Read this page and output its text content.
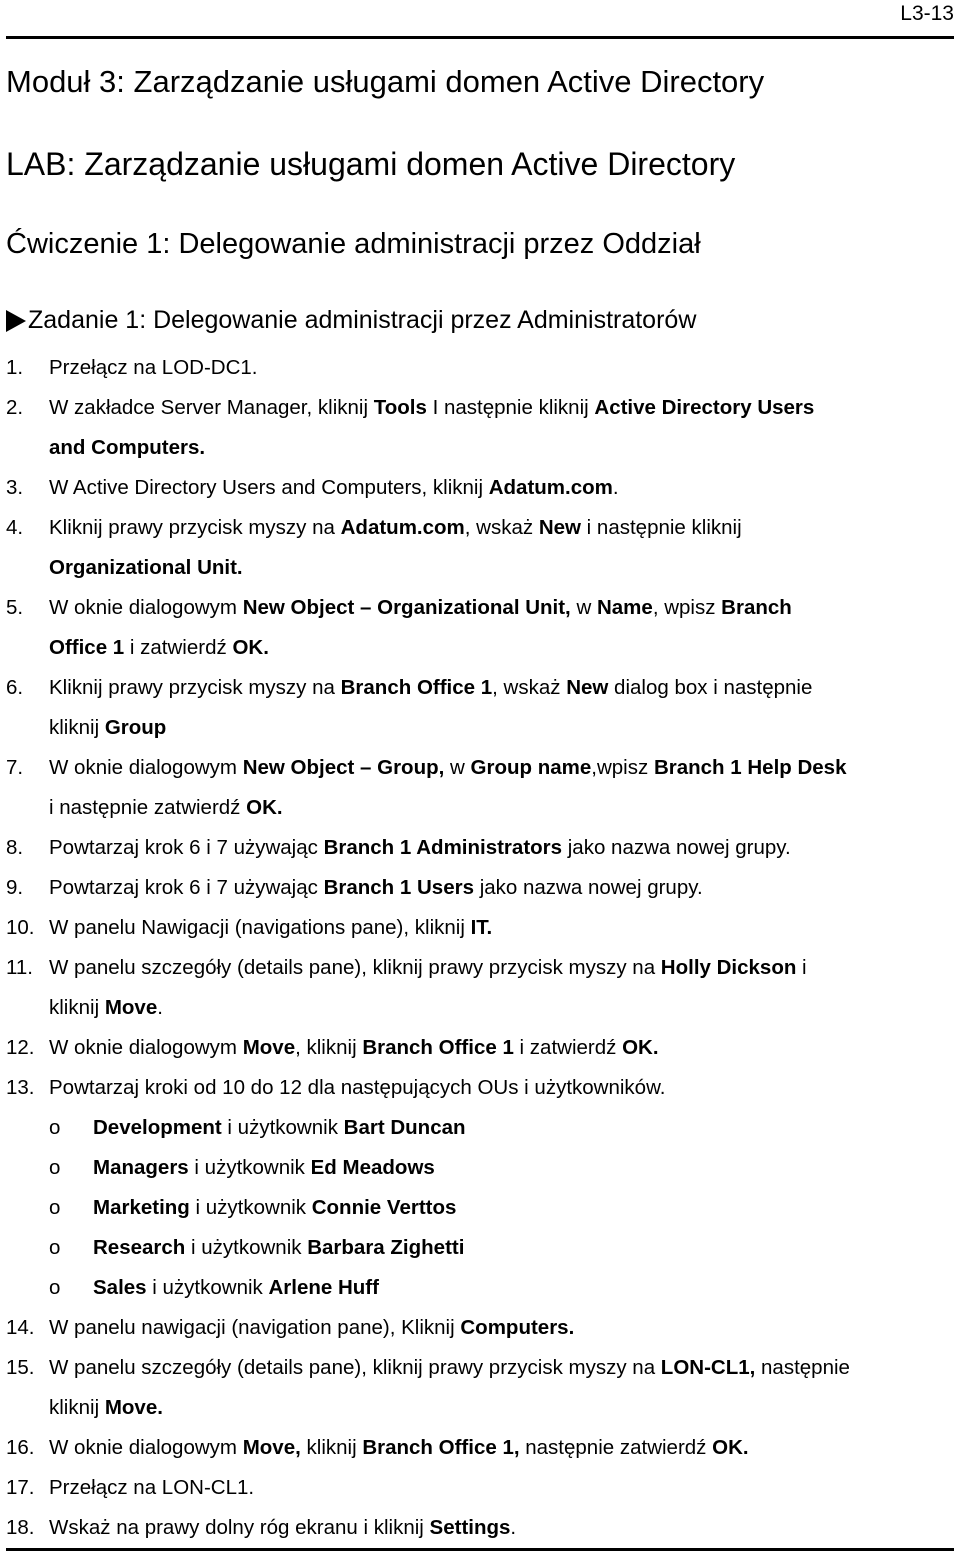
L3-13
Moduł 3: Zarządzanie usługami domen Active Directory
LAB: Zarządzanie usługami domen Active Directory
Ćwiczenie 1: Delegowanie administracji przez Oddział
Zadanie 1: Delegowanie administracji przez Administratorów
1.	Przełącz na LOD-DC1.
2.	W zakładce Server Manager, kliknij Tools I następnie kliknij Active Directory Users
and Computers.
3.	W Active Directory Users and Computers, kliknij Adatum.com.
4.	Kliknij prawy przycisk myszy na Adatum.com, wskaż New i następnie kliknij
Organizational Unit.
5.	W oknie dialogowym New Object – Organizational Unit, w Name, wpisz Branch
Office 1 i zatwierdź OK.
6.	Kliknij prawy przycisk myszy na Branch Office 1, wskaż New dialog box i następnie
kliknij Group
7.	W oknie dialogowym New Object – Group, w Group name,wpisz Branch 1 Help Desk
i następnie zatwierdź OK.
8.	Powtarzaj krok 6 i 7 używając Branch 1 Administrators jako nazwa nowej grupy.
9.	Powtarzaj krok 6 i 7 używając Branch 1 Users jako nazwa nowej grupy.
10. W panelu Nawigacji (navigations pane), kliknij IT.
11. W panelu szczegóły (details pane), kliknij prawy przycisk myszy na Holly Dickson i
kliknij Move.
12. W oknie dialogowym Move, kliknij Branch Office 1 i zatwierdź OK.
13. Powtarzaj kroki od 10 do 12 dla następujących OUs i użytkowników.
o	Development i użytkownik Bart Duncan
o	Managers i użytkownik Ed Meadows
o	Marketing i użytkownik Connie Verttos
o	Research i użytkownik Barbara Zighetti
o	Sales i użytkownik Arlene Huff
14. W panelu nawigacji (navigation pane), Kliknij Computers.
15. W panelu szczegóły (details pane), kliknij prawy przycisk myszy na LON-CL1, następnie
kliknij Move.
16. W oknie dialogowym Move, kliknij Branch Office 1, następnie zatwierdź OK.
17. Przełącz na LON-CL1.
18. Wskaż na prawy dolny róg ekranu i kliknij Settings.
